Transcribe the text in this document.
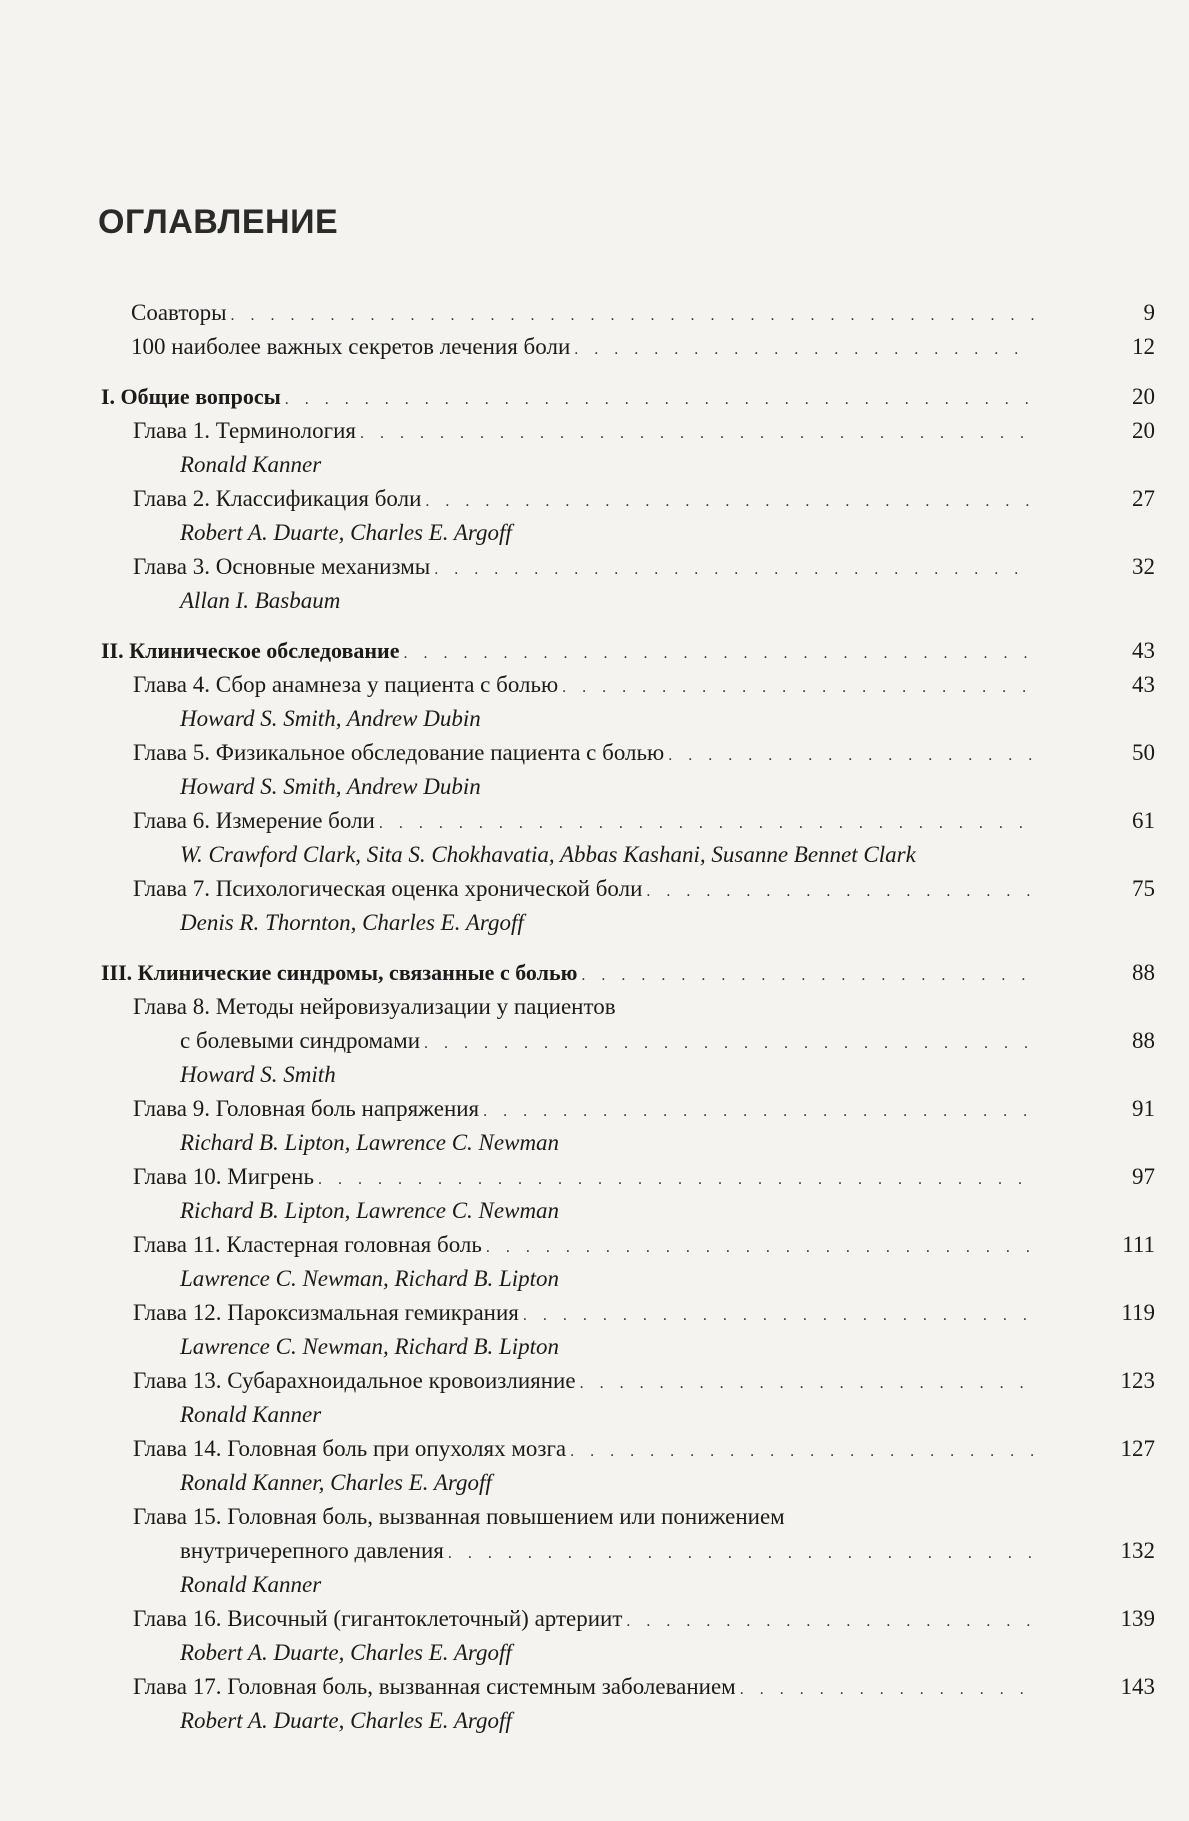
ОГЛАВЛЕНИЕ
Соавторы . . .	9
100 наиболее важных секретов лечения боли . . .	12
I. Общие вопросы . . .	20
Глава 1. Терминология . . .	20
Ronald Kanner
Глава 2. Классификация боли . . .	27
Robert A. Duarte, Charles E. Argoff
Глава 3. Основные механизмы . . .	32
Allan I. Basbaum
II. Клиническое обследование . . .	43
Глава 4. Сбор анамнеза у пациента с болью . . .	43
Howard S. Smith, Andrew Dubin
Глава 5. Физикальное обследование пациента с болью . . .	50
Howard S. Smith, Andrew Dubin
Глава 6. Измерение боли . . .	61
W. Crawford Clark, Sita S. Chokhavatia, Abbas Kashani, Susanne Bennet Clark
Глава 7. Психологическая оценка хронической боли . . .	75
Denis R. Thornton, Charles E. Argoff
III. Клинические синдромы, связанные с болью . . .	88
Глава 8. Методы нейровизуализации у пациентов
с болевыми синдромами . . .	88
Howard S. Smith
Глава 9. Головная боль напряжения . . .	91
Richard B. Lipton, Lawrence C. Newman
Глава 10. Мигрень . . .	97
Richard B. Lipton, Lawrence C. Newman
Глава 11. Кластерная головная боль . . .	111
Lawrence C. Newman, Richard B. Lipton
Глава 12. Пароксизмальная гемикрания . . .	119
Lawrence C. Newman, Richard B. Lipton
Глава 13. Субарахноидальное кровоизлияние . . .	123
Ronald Kanner
Глава 14. Головная боль при опухолях мозга . . .	127
Ronald Kanner, Charles E. Argoff
Глава 15. Головная боль, вызванная повышением или понижением
внутричерепного давления . . .	132
Ronald Kanner
Глава 16. Височный (гигантоклеточный) артериит . . .	139
Robert A. Duarte, Charles E. Argoff
Глава 17. Головная боль, вызванная системным заболеванием . . .	143
Robert A. Duarte, Charles E. Argoff
